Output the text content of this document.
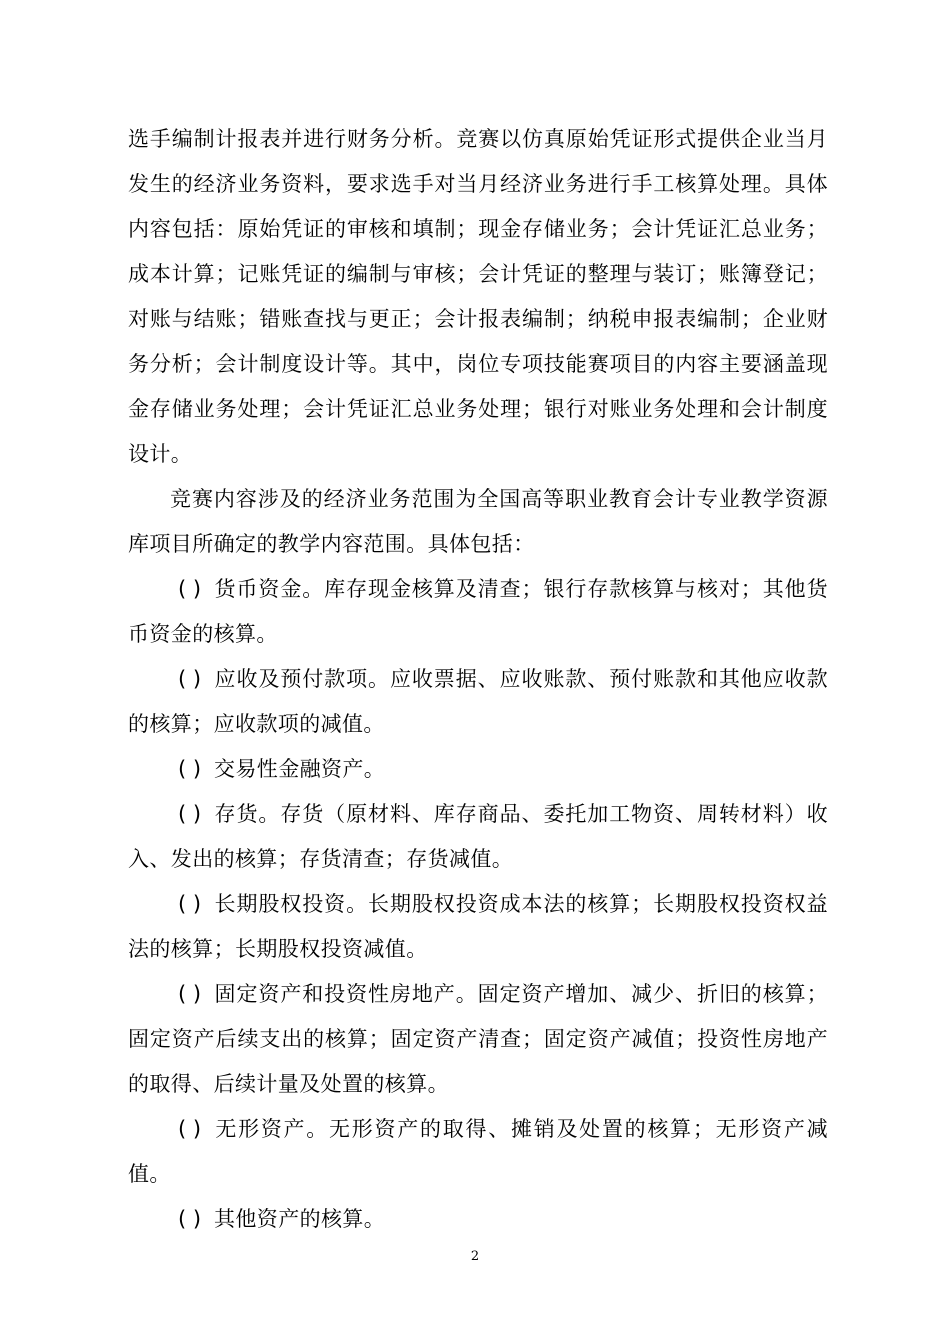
选手编制计报表并进行财务分析。竞赛以仿真原始凭证形式提供企业当月发生的经济业务资料，要求选手对当月经济业务进行手工核算处理。具体内容包括：原始凭证的审核和填制；现金存储业务；会计凭证汇总业务；成本计算；记账凭证的编制与审核；会计凭证的整理与装订；账簿登记；对账与结账；错账查找与更正；会计报表编制；纳税申报表编制；企业财务分析；会计制度设计等。其中，岗位专项技能赛项目的内容主要涵盖现金存储业务处理；会计凭证汇总业务处理；银行对账业务处理和会计制度设计。

竞赛内容涉及的经济业务范围为全国高等职业教育会计专业教学资源库项目所确定的教学内容范围。具体包括：

( ) 货币资金。库存现金核算及清查；银行存款核算与核对；其他货币资金的核算。

( ) 应收及预付款项。应收票据、应收账款、预付账款和其他应收款的核算；应收款项的减值。

( ) 交易性金融资产。

( ) 存货。存货（原材料、库存商品、委托加工物资、周转材料）收入、发出的核算；存货清查；存货减值。

( ) 长期股权投资。长期股权投资成本法的核算；长期股权投资权益法的核算；长期股权投资减值。

( ) 固定资产和投资性房地产。固定资产增加、减少、折旧的核算；固定资产后续支出的核算；固定资产清查；固定资产减值；投资性房地产的取得、后续计量及处置的核算。

( ) 无形资产。无形资产的取得、摊销及处置的核算；无形资产减值。

( ) 其他资产的核算。

2
